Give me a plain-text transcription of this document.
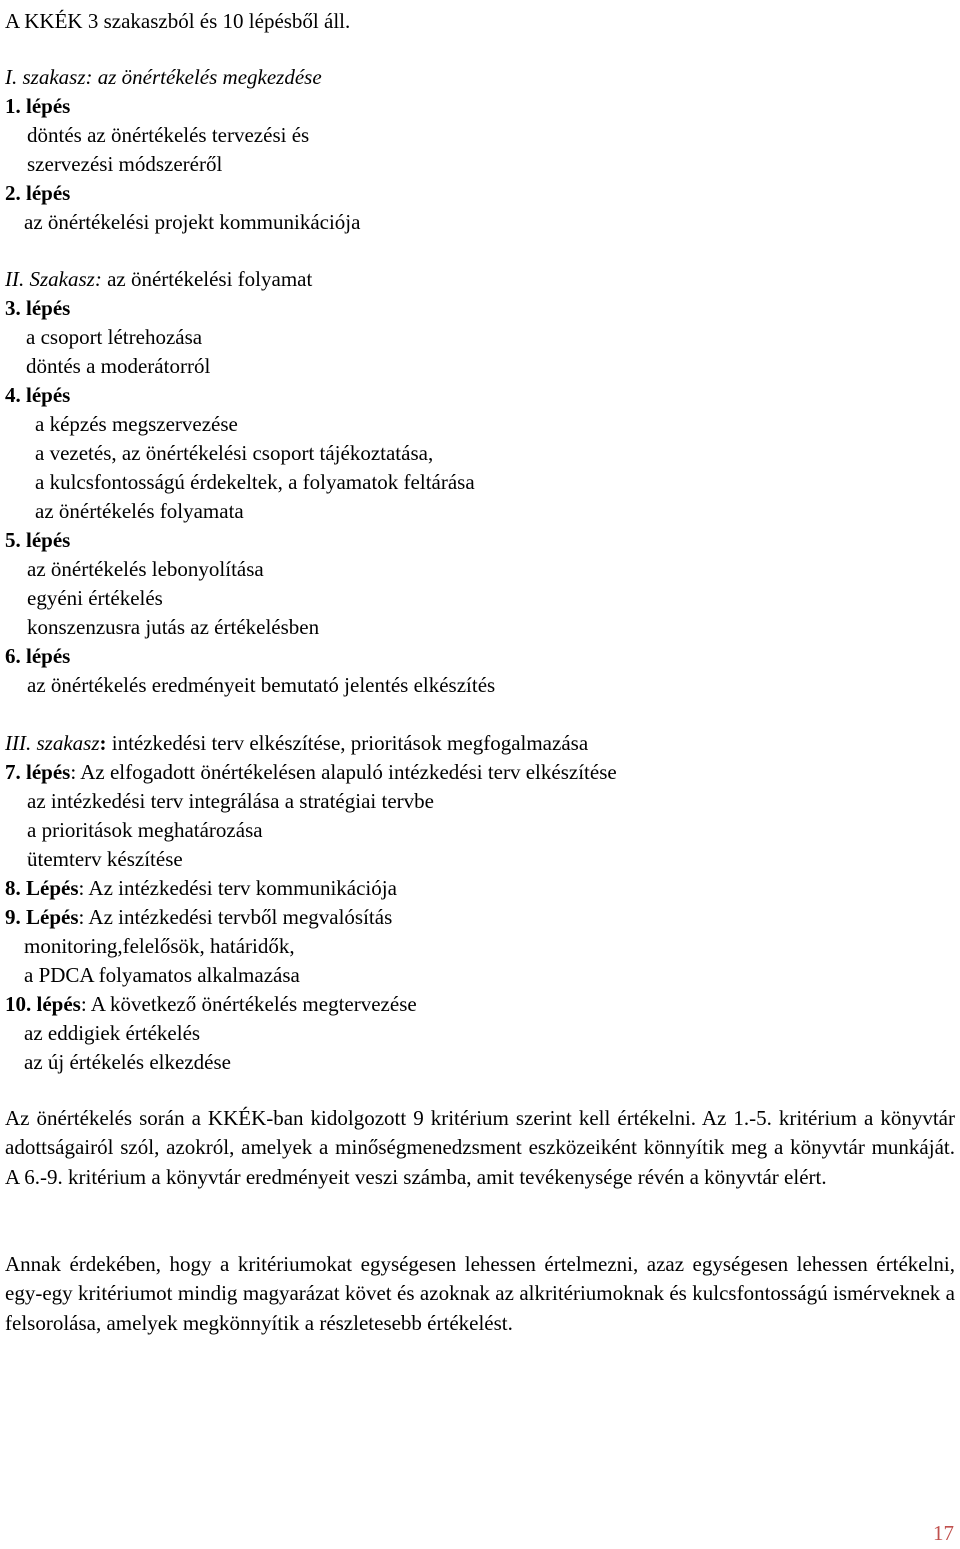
A KKÉK 3 szakaszból és 10 lépésből áll.
I. szakasz: az önértékelés megkezdése
1. lépés
döntés az önértékelés tervezési és
szervezési módszeréről
2. lépés
az önértékelési projekt kommunikációja
II. Szakasz: az önértékelési folyamat
3. lépés
a csoport létrehozása
döntés a moderátorról
4. lépés
a képzés megszervezése
a vezetés, az önértékelési csoport tájékoztatása,
a kulcsfontosságú érdekeltek, a folyamatok feltárása
az önértékelés folyamata
5. lépés
az önértékelés lebonyolítása
egyéni értékelés
konszenzusra jutás az értékelésben
6. lépés
az önértékelés eredményeit bemutató jelentés elkészítés
III. szakasz: intézkedési terv elkészítése, prioritások megfogalmazása
7. lépés: Az elfogadott önértékelésen alapuló intézkedési terv elkészítése
az intézkedési terv integrálása a stratégiai tervbe
a prioritások meghatározása
ütemterv készítése
8. Lépés: Az intézkedési terv kommunikációja
9. Lépés: Az intézkedési tervből megvalósítás
monitoring,felelősök, határidők,
a PDCA folyamatos alkalmazása
10. lépés: A következő önértékelés megtervezése
az eddigiek értékelés
az új értékelés elkezdése
Az önértékelés során a KKÉK-ban kidolgozott 9 kritérium szerint kell értékelni. Az 1.-5. kritérium a könyvtár adottságairól szól, azokról, amelyek a minőségmenedzsment eszközeiként könnyítik meg a könyvtár munkáját. A 6.-9. kritérium a könyvtár eredményeit veszi számba, amit tevékenysége révén a könyvtár elért.
Annak érdekében, hogy a kritériumokat egységesen lehessen értelmezni, azaz egységesen lehessen értékelni, egy-egy kritériumot mindig magyarázat követ és azoknak az alkritériumoknak és kulcsfontosságú ismérveknek a felsorolása, amelyek megkönnyítik a részletesebb értékelést.
17
